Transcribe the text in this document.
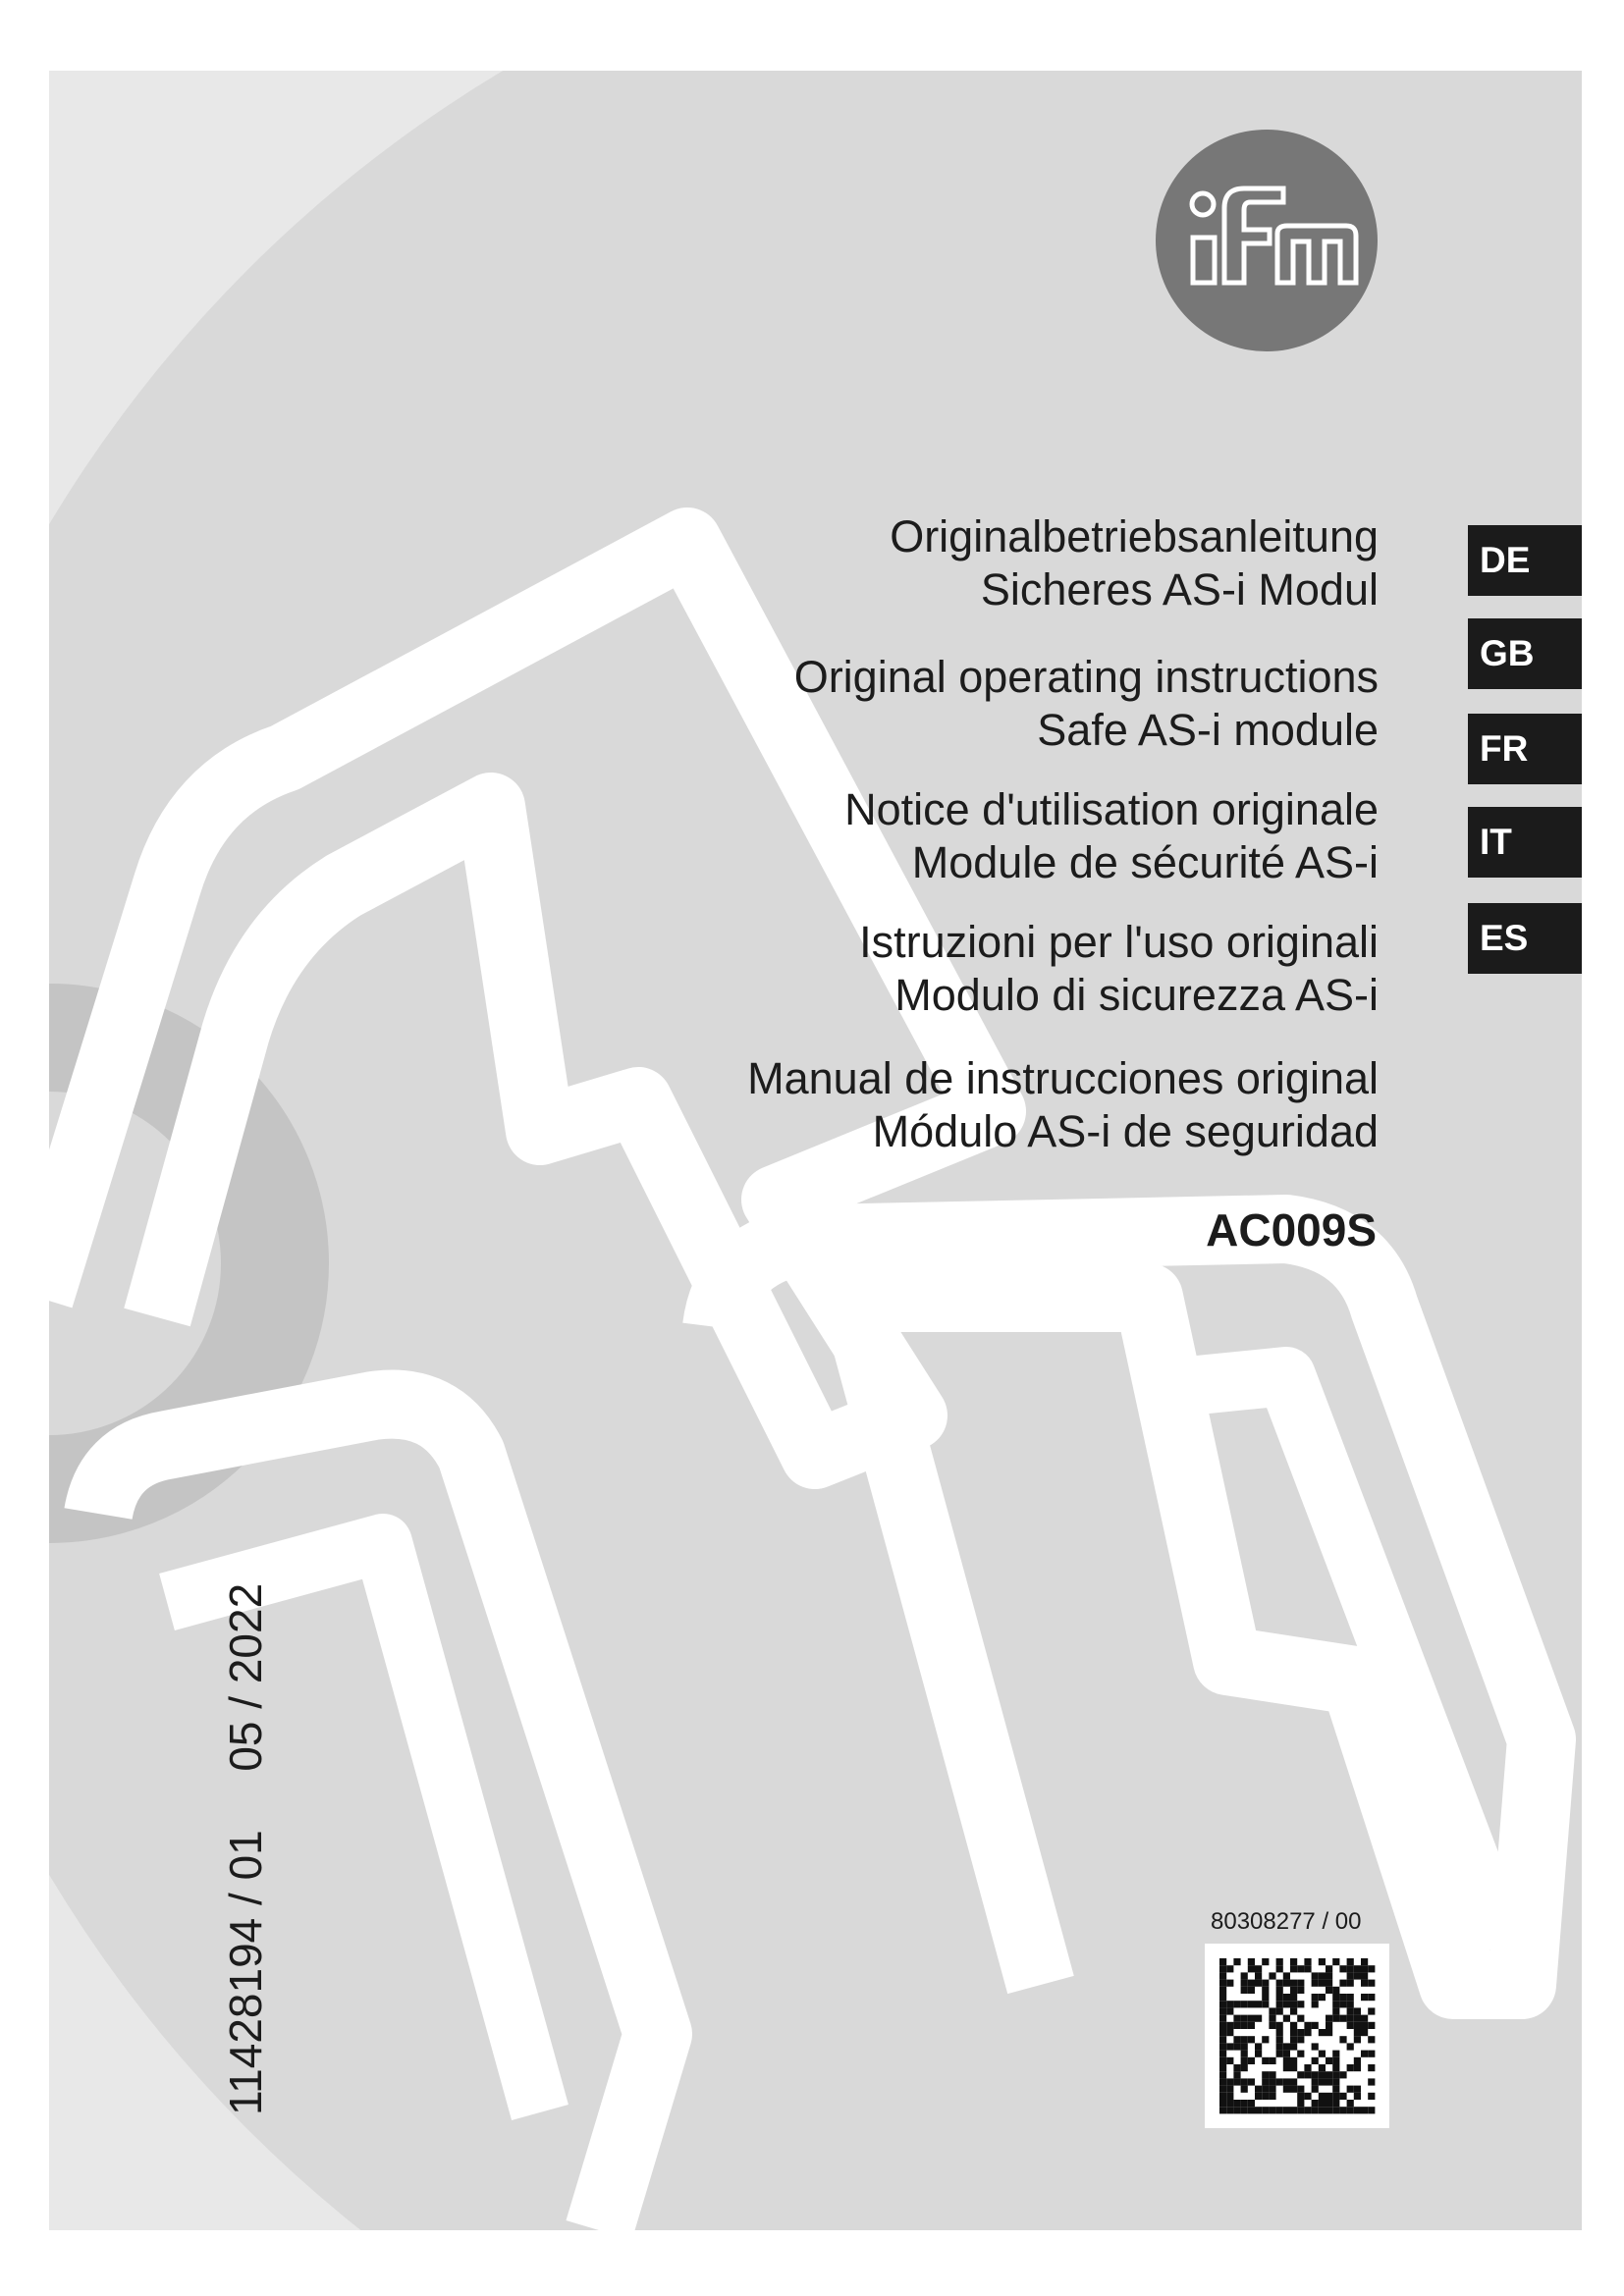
Originalbetriebsanleitung
Sicheres AS-i Modul
Original operating instructions
Safe AS-i module
Notice d'utilisation originale
Module de sécurité AS-i
Istruzioni per l'uso originali
Modulo di sicurezza AS-i
Manual de instrucciones original
Módulo AS-i de seguridad
AC009S
DE
GB
FR
IT
ES
11428194 / 01  05 / 2022
80308277 / 00
